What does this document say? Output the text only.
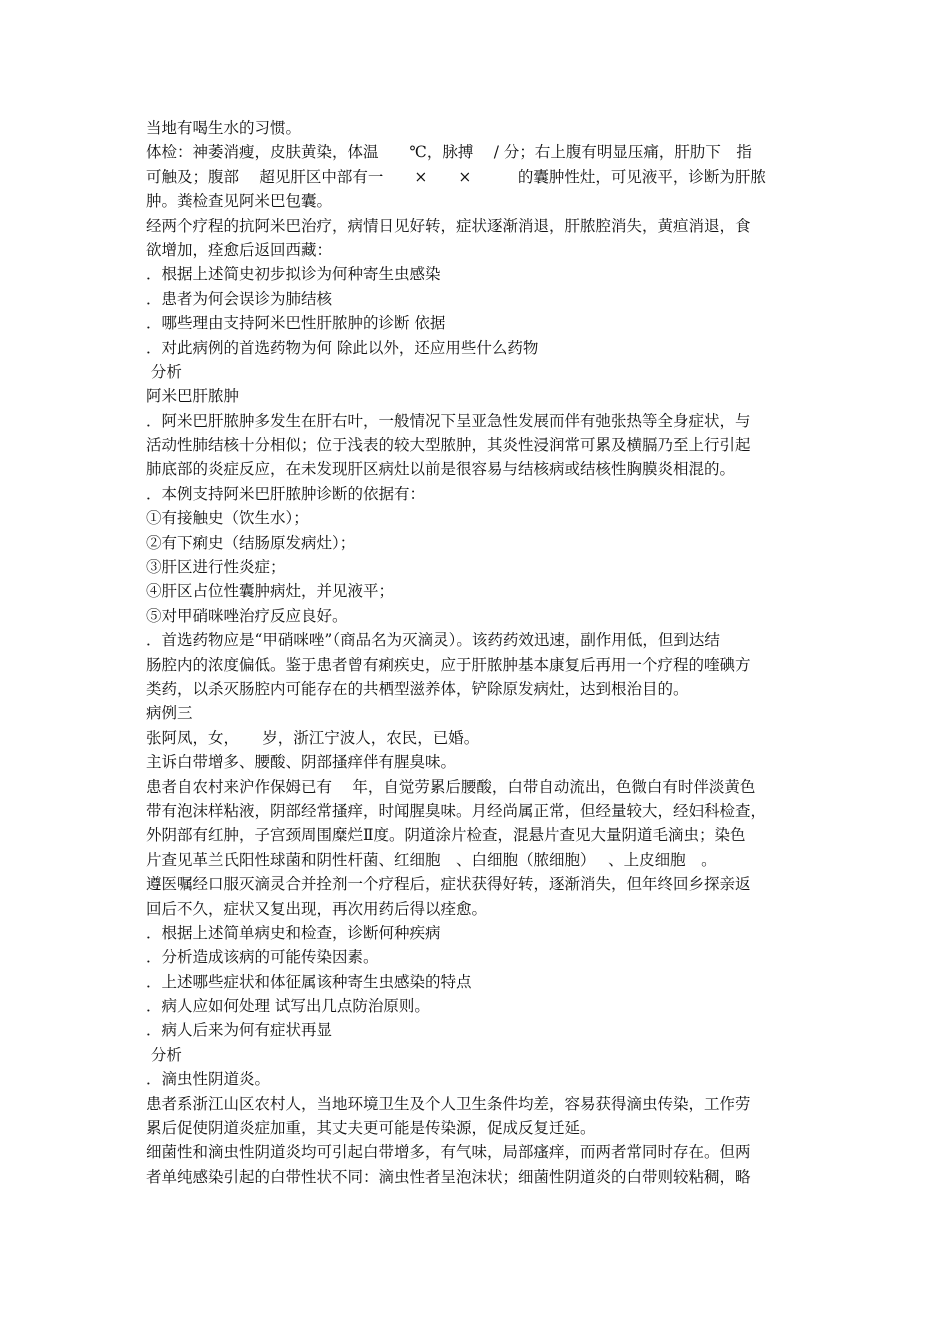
当地有喝生水的习惯。
体检：神萎消瘦，皮肤黄染，体温　　℃，脉搏　 / 分；右上腹有明显压痛，肝肋下　指
可触及；腹部　 超见肝区中部有一　　×　　×　　　的囊肿性灶，可见液平，诊断为肝脓
肿。粪检查见阿米巴包囊。
经两个疗程的抗阿米巴治疗，病情日见好转，症状逐渐消退，肝脓腔消失，黄疸消退，食
欲增加，痊愈后返回西藏：
．根据上述简史初步拟诊为何种寄生虫感染
．患者为何会误诊为肺结核
．哪些理由支持阿米巴性肝脓肿的诊断 依据
．对此病例的首选药物为何 除此以外，还应用些什么药物
分析
阿米巴肝脓肿
．阿米巴肝脓肿多发生在肝右叶，一般情况下呈亚急性发展而伴有弛张热等全身症状，与
活动性肺结核十分相似；位于浅表的较大型脓肿，其炎性浸润常可累及横膈乃至上行引起
肺底部的炎症反应，在未发现肝区病灶以前是很容易与结核病或结核性胸膜炎相混的。
．本例支持阿米巴肝脓肿诊断的依据有：
①有接触史（饮生水）；
②有下痢史（结肠原发病灶）；
③肝区进行性炎症；
④肝区占位性囊肿病灶，并见液平；
⑤对甲硝咪唑治疗反应良好。
．首选药物应是“甲硝咪唑”（商品名为灭滴灵）。该药药效迅速，副作用低，但到达结
肠腔内的浓度偏低。鉴于患者曾有痢疾史，应于肝脓肿基本康复后再用一个疗程的喹碘方
类药，以杀灭肠腔内可能存在的共栖型滋养体，铲除原发病灶，达到根治目的。
病例三
张阿凤，女，　　岁，浙江宁波人，农民，已婚。
主诉白带增多、腰酸、阴部搔痒伴有腥臭味。
患者自农村来沪作保姆已有　 年，自觉劳累后腰酸，白带自动流出，色微白有时伴淡黄色
带有泡沫样粘液，阴部经常搔痒，时闻腥臭味。月经尚属正常，但经量较大，经妇科检查，
外阴部有红肿，子宫颈周围糜烂Ⅱ度。阴道涂片检查，混悬片查见大量阴道毛滴虫；染色
片查见革兰氏阳性球菌和阴性杆菌、红细胞　、白细胞（脓细胞）　 、上皮细胞　。
遵医嘱经口服灭滴灵合并拴剂一个疗程后，症状获得好转，逐渐消失，但年终回乡探亲返
回后不久，症状又复出现，再次用药后得以痊愈。
．根据上述简单病史和检查，诊断何种疾病
．分析造成该病的可能传染因素。
．上述哪些症状和体征属该种寄生虫感染的特点
．病人应如何处理 试写出几点防治原则。
．病人后来为何有症状再显
分析
．滴虫性阴道炎。
患者系浙江山区农村人，当地环境卫生及个人卫生条件均差，容易获得滴虫传染，工作劳
累后促使阴道炎症加重，其丈夫更可能是传染源，促成反复迁延。
细菌性和滴虫性阴道炎均可引起白带增多，有气味，局部瘙痒，而两者常同时存在。但两
者单纯感染引起的白带性状不同：滴虫性者呈泡沫状；细菌性阴道炎的白带则较粘稠，略
